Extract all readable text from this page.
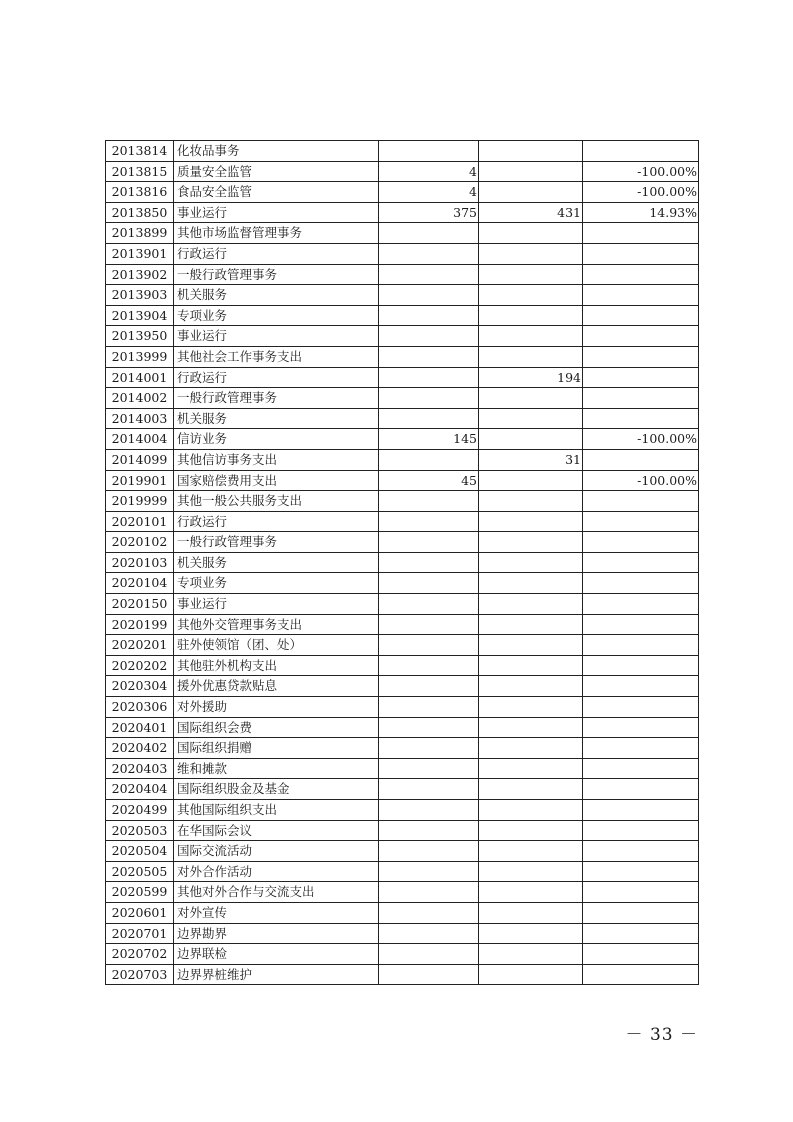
2013814	化妆品事务			
2013815	质量安全监管	4		-100.00%
2013816	食品安全监管	4		-100.00%
2013850	事业运行	375	431	14.93%
2013899	其他市场监督管理事务			
2013901	行政运行			
2013902	一般行政管理事务			
2013903	机关服务			
2013904	专项业务			
2013950	事业运行			
2013999	其他社会工作事务支出			
2014001	行政运行		194	
2014002	一般行政管理事务			
2014003	机关服务			
2014004	信访业务	145		-100.00%
2014099	其他信访事务支出		31	
2019901	国家赔偿费用支出	45		-100.00%
2019999	其他一般公共服务支出			
2020101	行政运行			
2020102	一般行政管理事务			
2020103	机关服务			
2020104	专项业务			
2020150	事业运行			
2020199	其他外交管理事务支出			
2020201	驻外使领馆（团、处）			
2020202	其他驻外机构支出			
2020304	援外优惠贷款贴息			
2020306	对外援助			
2020401	国际组织会费			
2020402	国际组织捐赠			
2020403	维和摊款			
2020404	国际组织股金及基金			
2020499	其他国际组织支出			
2020503	在华国际会议			
2020504	国际交流活动			
2020505	对外合作活动			
2020599	其他对外合作与交流支出			
2020601	对外宣传			
2020701	边界勘界			
2020702	边界联检			
2020703	边界界桩维护			
－ 33 －
